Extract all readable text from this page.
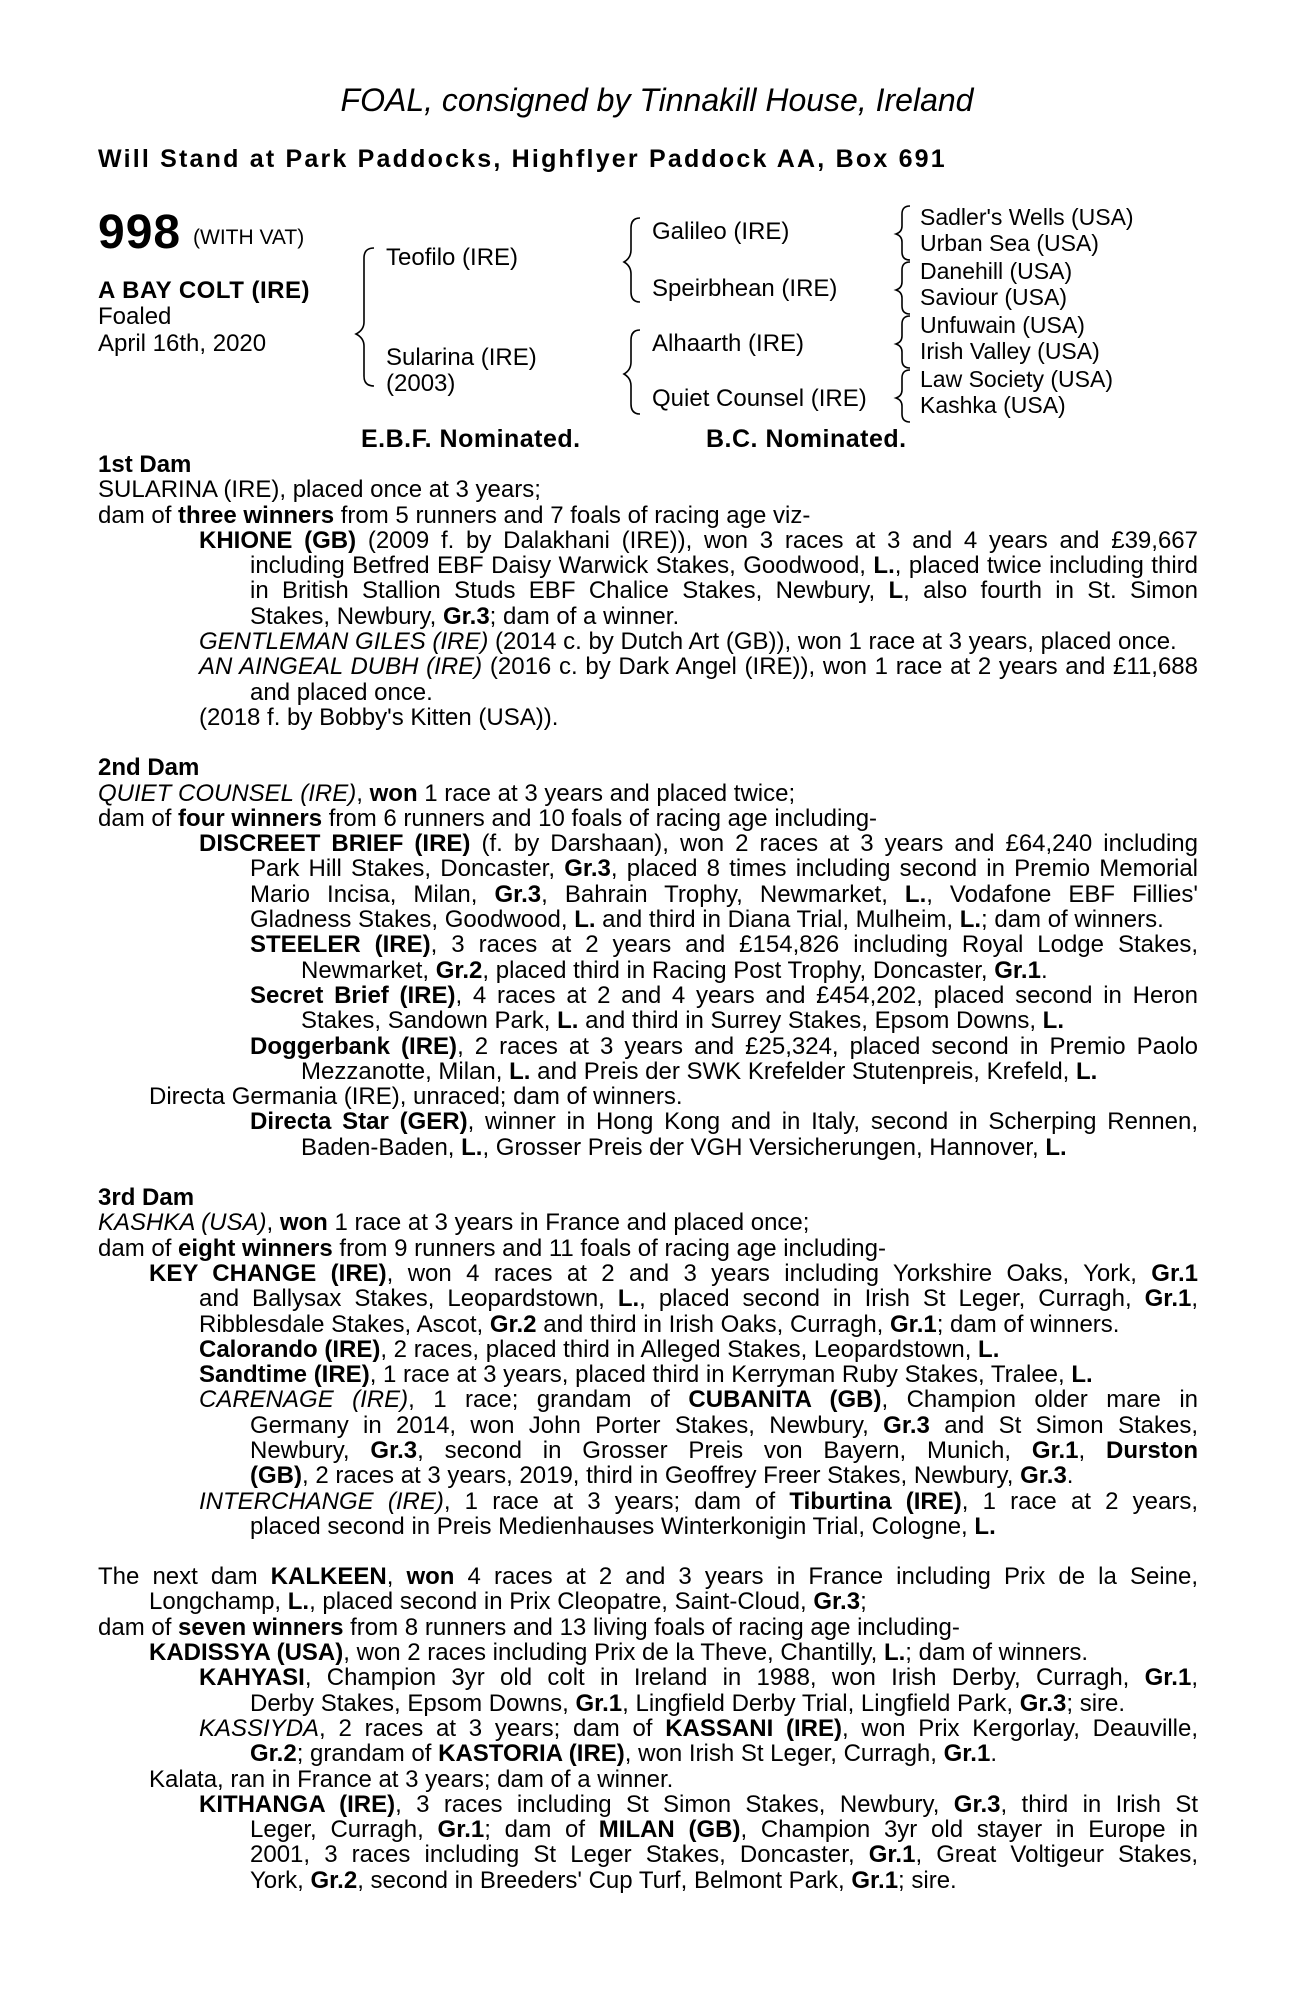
FOAL, consigned by Tinnakill House, Ireland
Will Stand at Park Paddocks, Highflyer Paddock AA, Box 691
998 (WITH VAT)
A BAY COLT (IRE)
Foaled
April 16th, 2020
Teofilo (IRE)
Sularina (IRE)
(2003)
Galileo (IRE)
Speirbhean (IRE)
Alhaarth (IRE)
Quiet Counsel (IRE)
Sadler's Wells (USA)
Urban Sea (USA)
Danehill (USA)
Saviour (USA)
Unfuwain (USA)
Irish Valley (USA)
Law Society (USA)
Kashka (USA)
E.B.F. Nominated.	B.C. Nominated.
1st Dam
SULARINA (IRE), placed once at 3 years;
dam of three winners from 5 runners and 7 foals of racing age viz-
KHIONE (GB) (2009 f. by Dalakhani (IRE)), won 3 races at 3 and 4 years and £39,667
including Betfred EBF Daisy Warwick Stakes, Goodwood, L., placed twice including third
in British Stallion Studs EBF Chalice Stakes, Newbury, L, also fourth in St. Simon
Stakes, Newbury, Gr.3; dam of a winner.
GENTLEMAN GILES (IRE) (2014 c. by Dutch Art (GB)), won 1 race at 3 years, placed once.
AN AINGEAL DUBH (IRE) (2016 c. by Dark Angel (IRE)), won 1 race at 2 years and £11,688
and placed once.
(2018 f. by Bobby's Kitten (USA)).
2nd Dam
QUIET COUNSEL (IRE), won 1 race at 3 years and placed twice;
dam of four winners from 6 runners and 10 foals of racing age including-
DISCREET BRIEF (IRE) (f. by Darshaan), won 2 races at 3 years and £64,240 including
Park Hill Stakes, Doncaster, Gr.3, placed 8 times including second in Premio Memorial
Mario Incisa, Milan, Gr.3, Bahrain Trophy, Newmarket, L., Vodafone EBF Fillies'
Gladness Stakes, Goodwood, L. and third in Diana Trial, Mulheim, L.; dam of winners.
STEELER (IRE), 3 races at 2 years and £154,826 including Royal Lodge Stakes,
Newmarket, Gr.2, placed third in Racing Post Trophy, Doncaster, Gr.1.
Secret Brief (IRE), 4 races at 2 and 4 years and £454,202, placed second in Heron
Stakes, Sandown Park, L. and third in Surrey Stakes, Epsom Downs, L.
Doggerbank (IRE), 2 races at 3 years and £25,324, placed second in Premio Paolo
Mezzanotte, Milan, L. and Preis der SWK Krefelder Stutenpreis, Krefeld, L.
Directa Germania (IRE), unraced; dam of winners.
Directa Star (GER), winner in Hong Kong and in Italy, second in Scherping Rennen,
Baden-Baden, L., Grosser Preis der VGH Versicherungen, Hannover, L.
3rd Dam
KASHKA (USA), won 1 race at 3 years in France and placed once;
dam of eight winners from 9 runners and 11 foals of racing age including-
KEY CHANGE (IRE), won 4 races at 2 and 3 years including Yorkshire Oaks, York, Gr.1
and Ballysax Stakes, Leopardstown, L., placed second in Irish St Leger, Curragh, Gr.1,
Ribblesdale Stakes, Ascot, Gr.2 and third in Irish Oaks, Curragh, Gr.1; dam of winners.
Calorando (IRE), 2 races, placed third in Alleged Stakes, Leopardstown, L.
Sandtime (IRE), 1 race at 3 years, placed third in Kerryman Ruby Stakes, Tralee, L.
CARENAGE (IRE), 1 race; grandam of CUBANITA (GB), Champion older mare in
Germany in 2014, won John Porter Stakes, Newbury, Gr.3 and St Simon Stakes,
Newbury, Gr.3, second in Grosser Preis von Bayern, Munich, Gr.1, Durston
(GB), 2 races at 3 years, 2019, third in Geoffrey Freer Stakes, Newbury, Gr.3.
INTERCHANGE (IRE), 1 race at 3 years; dam of Tiburtina (IRE), 1 race at 2 years,
placed second in Preis Medienhauses Winterkonigin Trial, Cologne, L.
The next dam KALKEEN, won 4 races at 2 and 3 years in France including Prix de la Seine,
Longchamp, L., placed second in Prix Cleopatre, Saint-Cloud, Gr.3;
dam of seven winners from 8 runners and 13 living foals of racing age including-
KADISSYA (USA), won 2 races including Prix de la Theve, Chantilly, L.; dam of winners.
KAHYASI, Champion 3yr old colt in Ireland in 1988, won Irish Derby, Curragh, Gr.1,
Derby Stakes, Epsom Downs, Gr.1, Lingfield Derby Trial, Lingfield Park, Gr.3; sire.
KASSIYDA, 2 races at 3 years; dam of KASSANI (IRE), won Prix Kergorlay, Deauville,
Gr.2; grandam of KASTORIA (IRE), won Irish St Leger, Curragh, Gr.1.
Kalata, ran in France at 3 years; dam of a winner.
KITHANGA (IRE), 3 races including St Simon Stakes, Newbury, Gr.3, third in Irish St
Leger, Curragh, Gr.1; dam of MILAN (GB), Champion 3yr old stayer in Europe in
2001, 3 races including St Leger Stakes, Doncaster, Gr.1, Great Voltigeur Stakes,
York, Gr.2, second in Breeders' Cup Turf, Belmont Park, Gr.1; sire.
